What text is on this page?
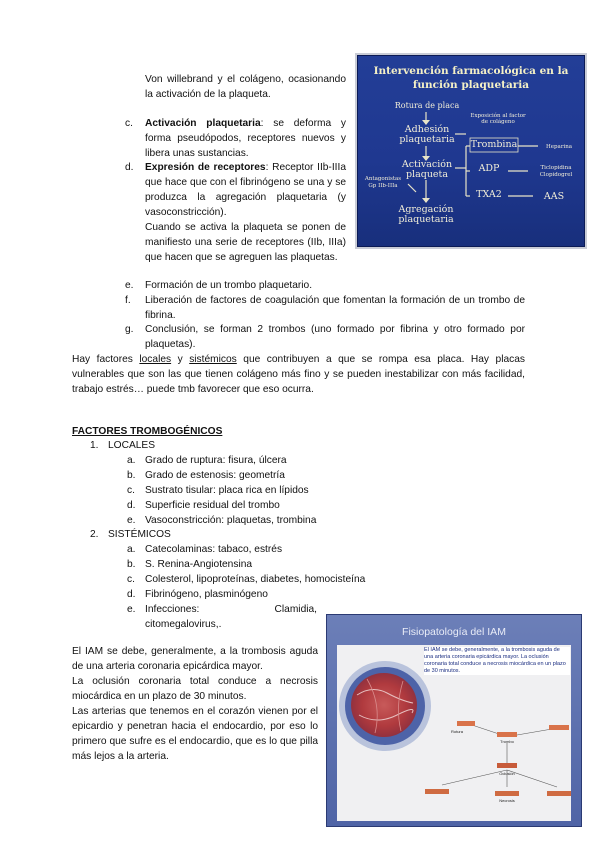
Von willebrand y el colágeno, ocasionando la activación de la plaqueta.
c. Activación plaquetaria: se deforma y forma pseudópodos, receptores nuevos y libera unas sustancias.
d. Expresión de receptores: Receptor IIb-IIIa que hace que con el fibrinógeno se una y se produzca la agregación plaquetaria (y vasoconstricción).
Cuando se activa la plaqueta se ponen de manifiesto una serie de receptores (IIb, IIIa) que hacen que se agreguen las plaquetas.
e. Formación de un trombo plaquetario.
f. Liberación de factores de coagulación que fomentan la formación de un trombo de fibrina.
g. Conclusión, se forman 2 trombos (uno formado por fibrina y otro formado por plaquetas).
Hay factores locales y sistémicos que contribuyen a que se rompa esa placa. Hay placas vulnerables que son las que tienen colágeno más fino y se pueden inestabilizar con más facilidad, trabajo estrés… puede tmb favorecer que eso ocurra.
FACTORES TROMBOGÉNICOS
1. LOCALES
a. Grado de ruptura: fisura, úlcera
b. Grado de estenosis: geometría
c. Sustrato tisular: placa rica en lípidos
d. Superficie residual del trombo
e. Vasoconstricción: plaquetas, trombina
2. SISTÉMICOS
a. Catecolaminas: tabaco, estrés
b. S. Renina-Angiotensina
c. Colesterol, lipoproteínas, diabetes, homocisteína
d. Fibrinógeno, plasminógeno
e. Infecciones:	Clamidia,
citomegalovirus,.
El IAM se debe, generalmente, a la trombosis aguda de una arteria coronaria epicárdica mayor.
La oclusión coronaria total conduce a necrosis miocárdica en un plazo de 30 minutos.
Las arterias que tenemos en el corazón vienen por el epicardio y penetran hacia el endocardio, por eso lo primero que sufre es el endocardio, que es lo que pilla más lejos a la arteria.
Intervención farmacológica en la
función plaquetaria
Rotura de placa
Adhesión
plaquetaria
Exposición al factor de colágeno
Activación
plaqueta
Agregación
plaquetaria
Antagonistas
Gp IIb-IIIa
Trombina
ADP
TXA2
Heparina
Ticlopidina
Clopidogrel
AAS
Fisiopatología del IAM
El IAM se debe, generalmente, a la trombosis aguda de una arteria coronaria epicárdica mayor. La oclusión coronaria total conduce a necrosis miocárdica en un plazo de 30 minutos.
Rotura
Trombo
Oclusión
Necrosis
